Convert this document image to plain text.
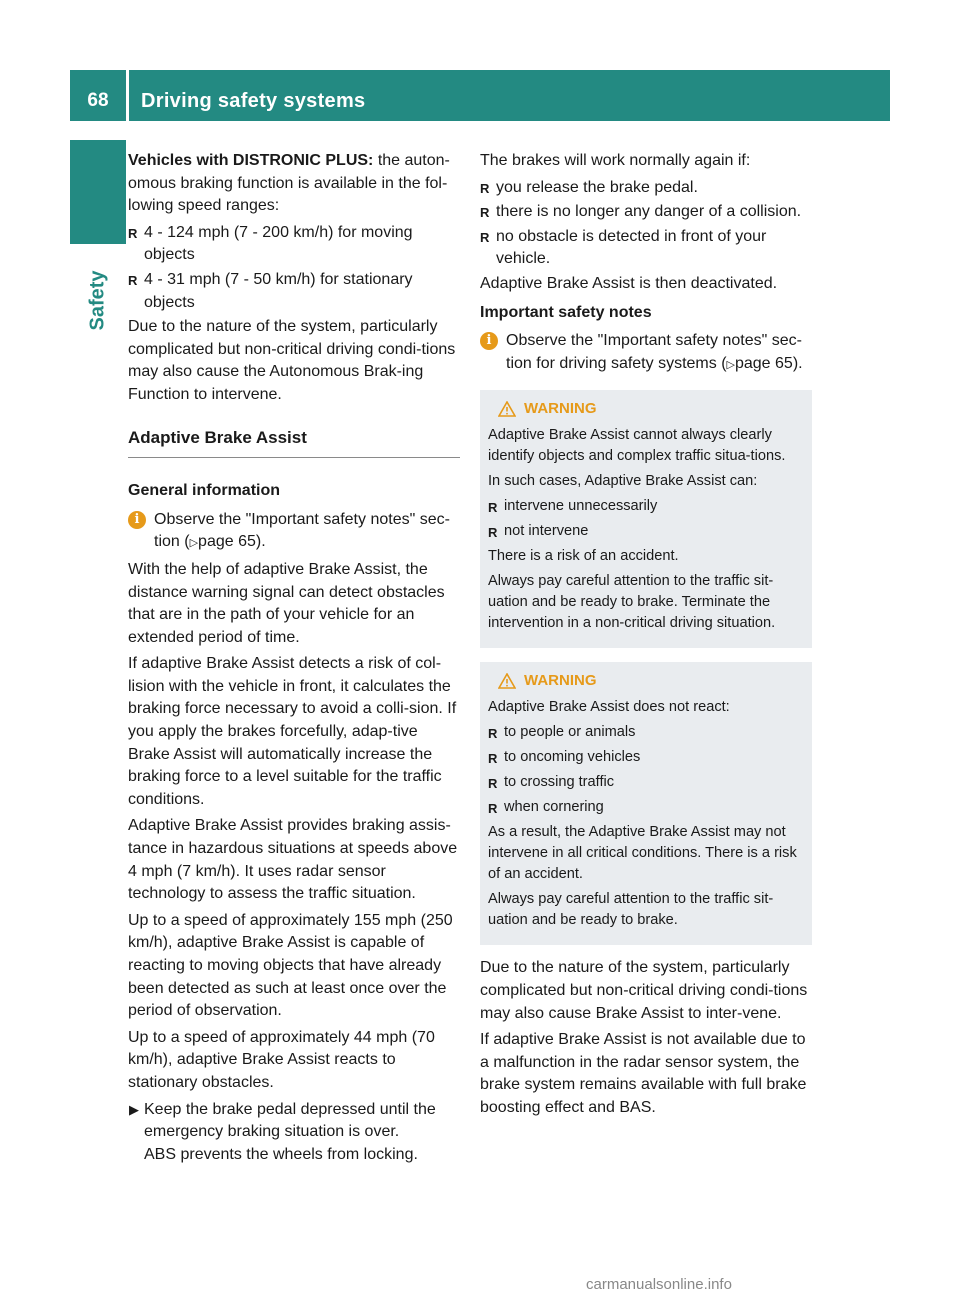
68	Driving safety systems
Safety

Vehicles with DISTRONIC PLUS: the auton-omous braking function is available in the fol-lowing speed ranges:

R 4 - 124 mph (7 - 200 km/h) for moving objects
R 4 - 31 mph (7 - 50 km/h) for stationary objects

Due to the nature of the system, particularly complicated but non-critical driving condi-tions may also cause the Autonomous Brak-ing Function to intervene.

Adaptive Brake Assist
General information
i Observe the "Important safety notes" sec-tion (▷page 65).

With the help of adaptive Brake Assist, the distance warning signal can detect obstacles that are in the path of your vehicle for an extended period of time.

If adaptive Brake Assist detects a risk of col-lision with the vehicle in front, it calculates the braking force necessary to avoid a colli-sion. If you apply the brakes forcefully, adap-tive Brake Assist will automatically increase the braking force to a level suitable for the traffic conditions.

Adaptive Brake Assist provides braking assis-tance in hazardous situations at speeds above 4 mph (7 km/h). It uses radar sensor technology to assess the traffic situation.

Up to a speed of approximately 155 mph (250 km/h), adaptive Brake Assist is capable of reacting to moving objects that have already been detected as such at least once over the period of observation.

Up to a speed of approximately 44 mph (70 km/h), adaptive Brake Assist reacts to stationary obstacles.

▶ Keep the brake pedal depressed until the emergency braking situation is over.
ABS prevents the wheels from locking.

The brakes will work normally again if:

R you release the brake pedal.
R there is no longer any danger of a collision.
R no obstacle is detected in front of your vehicle.

Adaptive Brake Assist is then deactivated.

Important safety notes
i Observe the "Important safety notes" sec-tion for driving safety systems (▷page 65).
WARNING

Adaptive Brake Assist cannot always clearly identify objects and complex traffic situa-tions.

In such cases, Adaptive Brake Assist can:

R intervene unnecessarily
R not intervene

There is a risk of an accident.

Always pay careful attention to the traffic sit-uation and be ready to brake. Terminate the intervention in a non-critical driving situation.

WARNING

Adaptive Brake Assist does not react:

R to people or animals
R to oncoming vehicles
R to crossing traffic
R when cornering

As a result, the Adaptive Brake Assist may not intervene in all critical conditions. There is a risk of an accident.

Always pay careful attention to the traffic sit-uation and be ready to brake.

Due to the nature of the system, particularly complicated but non-critical driving condi-tions may also cause Brake Assist to inter-vene.

If adaptive Brake Assist is not available due to a malfunction in the radar sensor system, the brake system remains available with full brake boosting effect and BAS.

carmanualsonline.info
